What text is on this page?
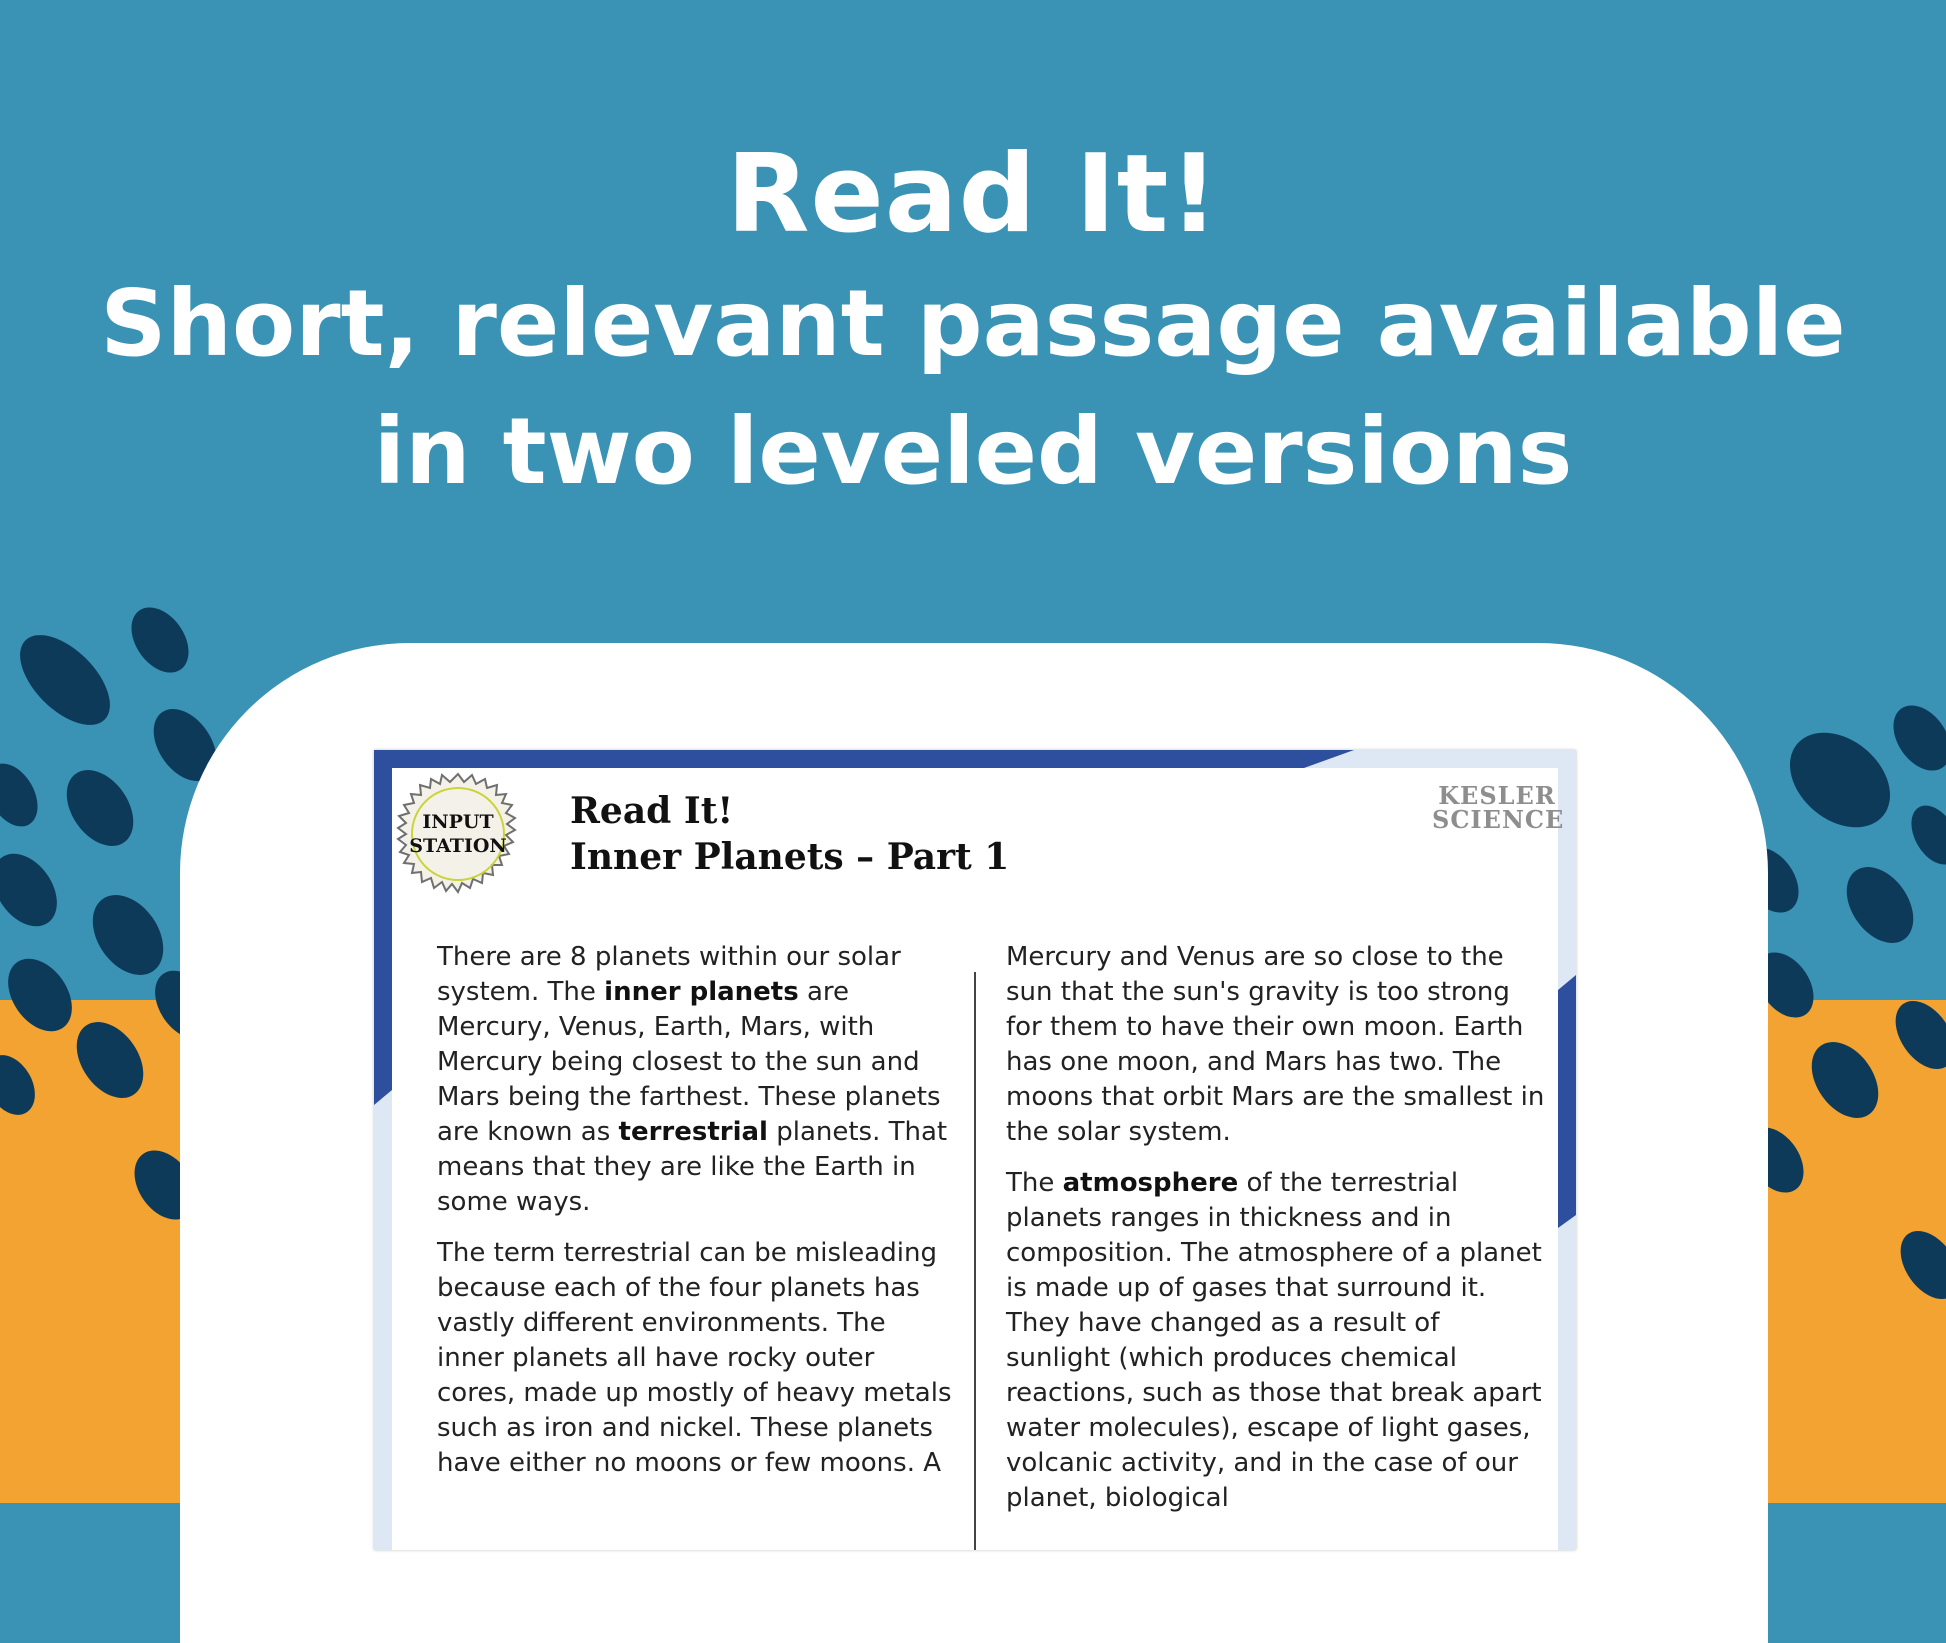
Read It!
Short, relevant passage available
in two leveled versions
INPUT
STATION
Read It!
Inner Planets – Part 1
KESLER
SCIENCE

There are 8 planets within our solar system. The inner planets are Mercury, Venus, Earth, Mars, with Mercury being closest to the sun and Mars being the farthest. These planets are known as terrestrial planets. That means that they are like the Earth in some ways.

The term terrestrial can be misleading because each of the four planets has vastly different environments. The inner planets all have rocky outer cores, made up mostly of heavy metals such as iron and nickel. These planets have either no moons or few moons. A

Mercury and Venus are so close to the sun that the sun's gravity is too strong for them to have their own moon. Earth has one moon, and Mars has two. The moons that orbit Mars are the smallest in the solar system.

The atmosphere of the terrestrial planets ranges in thickness and in composition. The atmosphere of a planet is made up of gases that surround it. They have changed as a result of sunlight (which produces chemical reactions, such as those that break apart water molecules), escape of light gases, volcanic activity, and in the case of our planet, biological
